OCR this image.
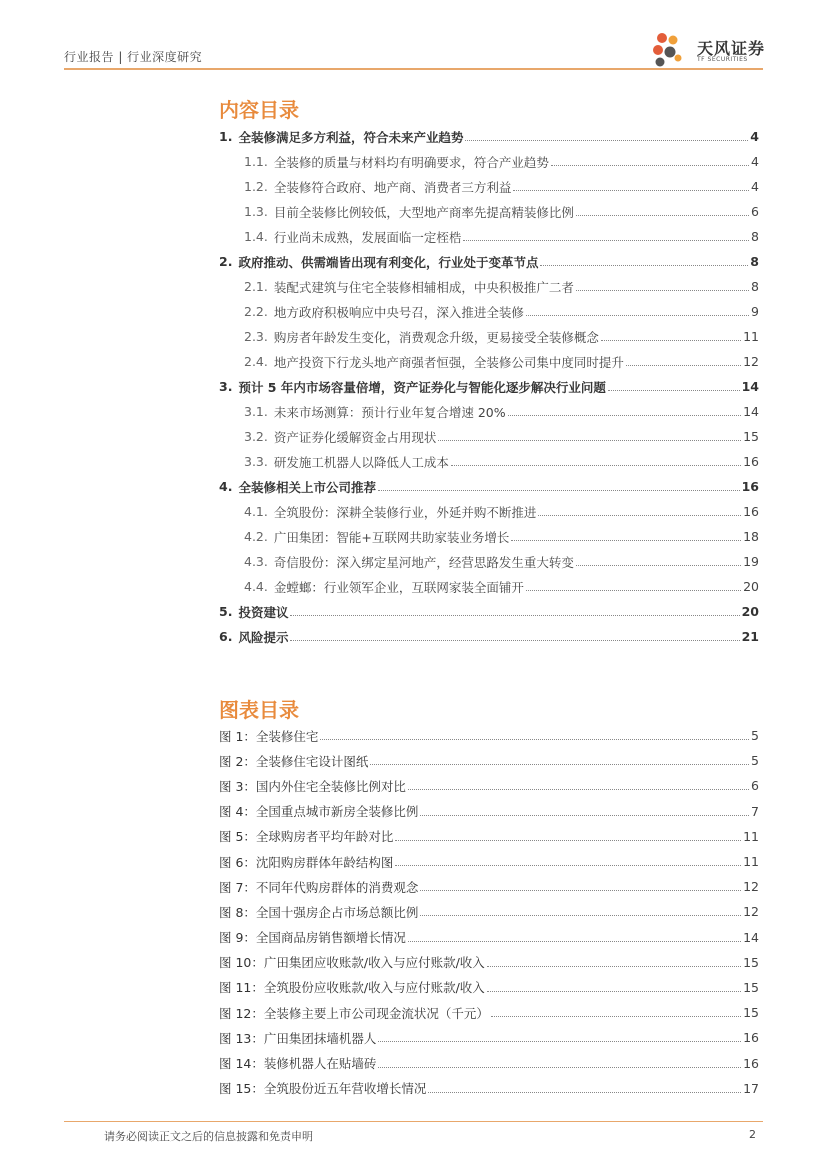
行业报告 | 行业深度研究	天风证券
TF SECURITIES
内容目录
1. 全装修满足多方利益，符合未来产业趋势	4
1.1. 全装修的质量与材料均有明确要求，符合产业趋势	4
1.2. 全装修符合政府、地产商、消费者三方利益	4
1.3. 目前全装修比例较低，大型地产商率先提高精装修比例	6
1.4. 行业尚未成熟，发展面临一定桎梏	8
2. 政府推动、供需端皆出现有利变化，行业处于变革节点	8
2.1. 装配式建筑与住宅全装修相辅相成，中央积极推广二者	8
2.2. 地方政府积极响应中央号召，深入推进全装修	9
2.3. 购房者年龄发生变化，消费观念升级，更易接受全装修概念	11
2.4. 地产投资下行龙头地产商强者恒强，全装修公司集中度同时提升	12
3. 预计 5 年内市场容量倍增，资产证券化与智能化逐步解决行业问题	14
3.1. 未来市场测算：预计行业年复合增速 20%	14
3.2. 资产证券化缓解资金占用现状	15
3.3. 研发施工机器人以降低人工成本	16
4. 全装修相关上市公司推荐	16
4.1. 全筑股份：深耕全装修行业，外延并购不断推进	16
4.2. 广田集团：智能+互联网共助家装业务增长	18
4.3. 奇信股份：深入绑定星河地产，经营思路发生重大转变	19
4.4. 金螳螂：行业领军企业，互联网家装全面铺开	20
5. 投资建议	20
6. 风险提示	21
图表目录
图 1：全装修住宅	5
图 2：全装修住宅设计图纸	5
图 3：国内外住宅全装修比例对比	6
图 4：全国重点城市新房全装修比例	7
图 5：全球购房者平均年龄对比	11
图 6：沈阳购房群体年龄结构图	11
图 7：不同年代购房群体的消费观念	12
图 8：全国十强房企占市场总额比例	12
图 9：全国商品房销售额增长情况	14
图 10：广田集团应收账款/收入与应付账款/收入	15
图 11：全筑股份应收账款/收入与应付账款/收入	15
图 12：全装修主要上市公司现金流状况（千元）	15
图 13：广田集团抹墙机器人	16
图 14：装修机器人在贴墙砖	16
图 15：全筑股份近五年营收增长情况	17
请务必阅读正文之后的信息披露和免责申明	2
